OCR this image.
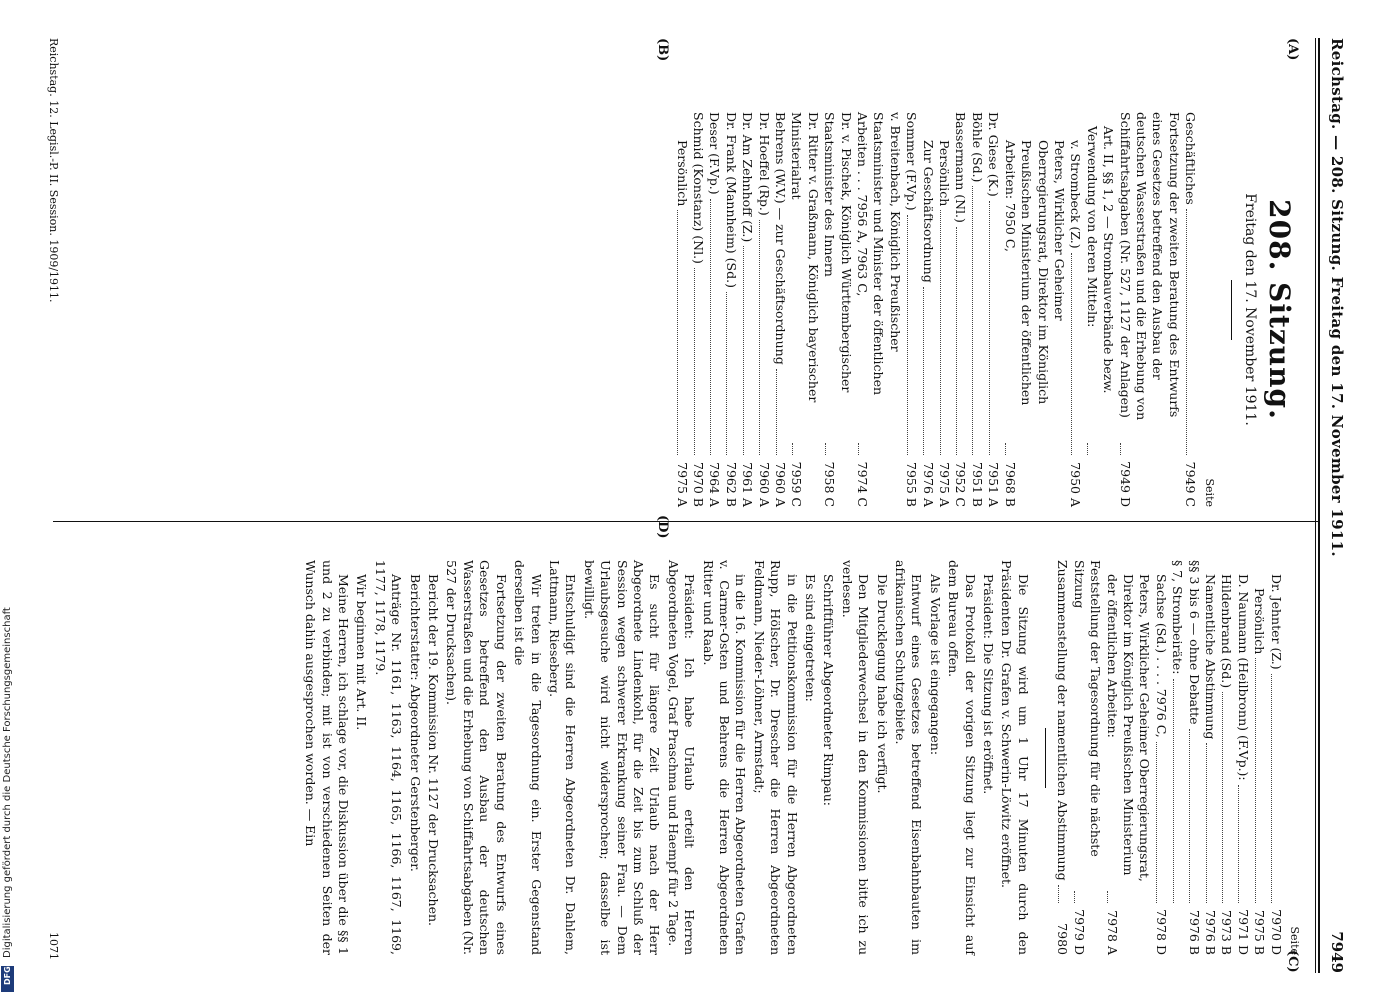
Digitalisierung gefördert durch die Deutsche Forschungsgemeinschaft
DFG
Reichstag. — 208. Sitzung. Freitag den 17. November 1911.
7949
(A)
(B)
(C)
(D)
208. Sitzung.
Freitag den 17. November 1911.
Seite
Geschäftliches
7949 C
Fortsetzung der zweiten Beratung des Entwurfs eines Gesetzes betreffend den Ausbau der deutschen Wasserstraßen und die Erhebung von Schiffahrtsabgaben (Nr. 527, 1127 der Anlagen)
7949 D
Art. II, §§ 1, 2 — Strombauverbände bezw. Verwendung von deren Mitteln:
v. Strombeck (Z.)
7950 A
Peters, Wirklicher Geheimer Oberregierungsrat, Direktor im Königlich Preußischen Ministerium der öffentlichen Arbeiten: 7950 C,
7968 B
Dr. Giese (K.)
7951 A
Böhle (Sd.)
7951 B
Bassermann (Nl.)
7952 C
Persönlich
7975 A
Zur Geschäftsordnung
7976 A
Sommer (F.Vp.)
7955 B
v. Breitenbach, Königlich Preußischer Staatsminister und Minister der öffentlichen Arbeiten . . . 7956 A, 7963 C,
7974 C
Dr. v. Pischek, Königlich Württembergischer Staatsminister des Innern
7958 C
Dr. Ritter v. Graßmann, Königlich bayerischer Ministerialrat
7959 C
Behrens (W.V.) — zur Geschäftsordnung
7960 A
Dr. Hoeffel (Rp.)
7960 A
Dr. Am Zehnhoff (Z.)
7961 A
Dr. Frank (Mannheim) (Sd.)
7962 B
Deser (F.Vp.)
7964 A
Schmid (Konstanz) (Nl.)
7970 B
Persönlich
7975 A
Seite
Dr. Jehnter (Z.)
7970 D
Persönlich
7975 B
D. Naumann (Heilbronn) (F.Vp.):
7971 D
Hildenbrand (Sd.)
7973 B
Namentliche Abstimmung
7976 B
§§ 3 bis 6 — ohne Debatte
7976 B
§ 7, Strombeiräte:
Sachse (Sd.) . . . . 7976 C,
7978 D
Peters, Wirklicher Geheimer Oberregierungsrat, Direktor im Königlich Preußischen Ministerium der öffentlichen Arbeiten:
7978 A
Feststellung der Tagesordnung für die nächste Sitzung
7979 D
Zusammenstellung der namentlichen Abstimmung
7980

Die Sitzung wird um 1 Uhr 17 Minuten durch den Präsidenten Dr. Grafen v. Schwerin-Löwitz eröffnet.

Präsident: Die Sitzung ist eröffnet.

Das Protokoll der vorigen Sitzung liegt zur Einsicht auf dem Bureau offen.

Als Vorlage ist eingegangen:

Entwurf eines Gesetzes betreffend Eisenbahnbauten im afrikanischen Schutzgebiete.

Die Drucklegung habe ich verfügt.

Den Mitgliederwechsel in den Kommissionen bitte ich zu verlesen.

Schriftführer Abgeordneter Rimpau:

Es sind eingetreten:

in die Petitionskommission für die Herren Abgeordneten Rupp, Hölscher, Dr. Drescher die Herren Abgeordneten Feldmann, Nieder-Löhner, Armstadt;

in die 16. Kommission für die Herren Abgeordneten Grafen v. Carmer-Osten und Behrens die Herren Abgeordneten Ritter und Raab.

Präsident: Ich habe Urlaub erteilt den Herren Abgeordneten Vogel, Graf Praschma und Haempf für 2 Tage.

Es sucht für längere Zeit Urlaub nach der Herr Abgeordnete Lindenkohl, für die Zeit bis zum Schluß der Session wegen schwerer Erkrankung seiner Frau. — Dem Urlaubsgesuche wird nicht widersprochen; dasselbe ist bewilligt.

Entschuldigt sind die Herren Abgeordneten Dr. Dahlem, Lattmann, Rieseberg.

Wir treten in die Tagesordnung ein. Erster Gegenstand derselben ist die

Fortsetzung der zweiten Beratung des Entwurfs eines Gesetzes betreffend den Ausbau der deutschen Wasserstraßen und die Erhebung von Schiffahrtsabgaben (Nr. 527 der Drucksachen).

Bericht der 19. Kommission Nr. 1127 der Drucksachen.

Berichterstatter: Abgeordneter Gerstenberger.

Anträge Nr. 1161, 1163, 1164, 1165, 1166, 1167, 1169, 1177, 1178, 1179.

Wir beginnen mit Art. II.

Meine Herren, ich schlage vor, die Diskussion über die §§ 1 und 2 zu verbinden; mit ist von verschiedenen Seiten der Wunsch dahin ausgesprochen worden. — Ein

Reichstag. 12. Legisl.-P. II. Session. 1909/1911.
1071
